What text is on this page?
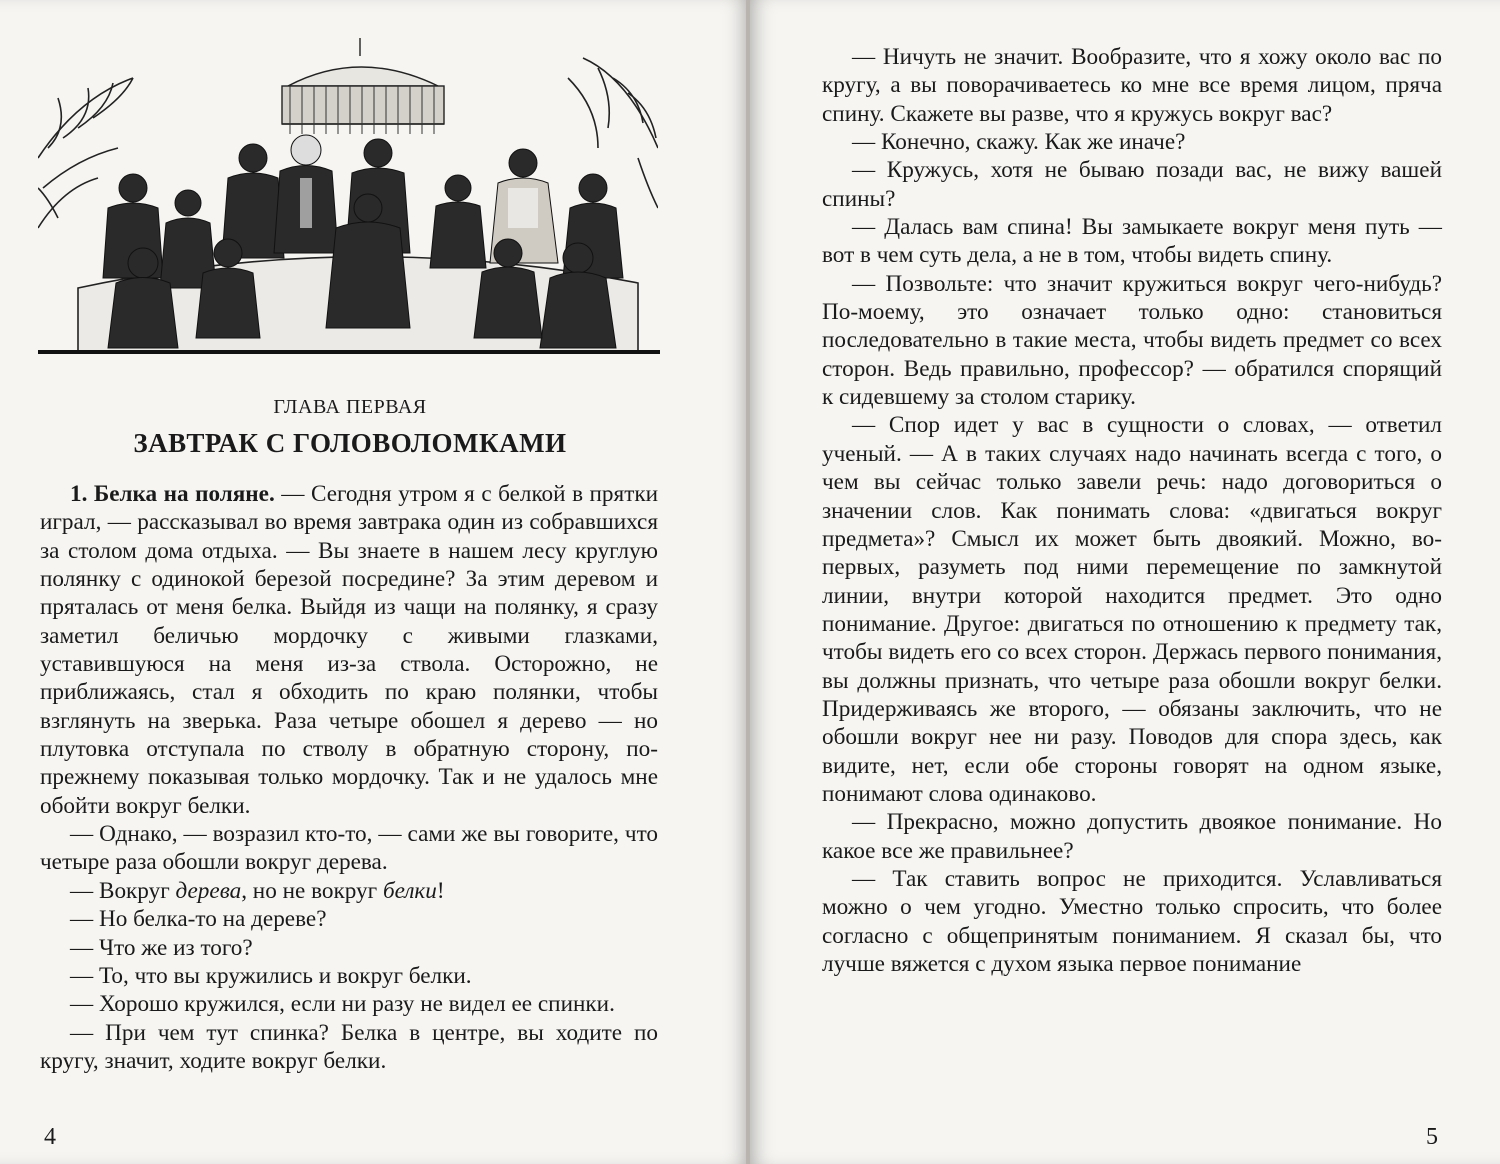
ГЛАВА ПЕРВАЯ
ЗАВТРАК С ГОЛОВОЛОМКАМИ

1. Белка на поляне. — Сегодня утром я с белкой в прятки играл, — рассказывал во время завтрака один из собравшихся за столом дома отдыха. — Вы знаете в нашем лесу круглую полянку с одинокой березой посредине? За этим деревом и пряталась от меня белка. Выйдя из чащи на полянку, я сразу заметил беличью мордочку с живыми глазками, уставившуюся на меня из-за ствола. Осторожно, не приближаясь, стал я обходить по краю полянки, чтобы взглянуть на зверька. Раза четыре обошел я дерево — но плутовка отступала по стволу в обратную сторону, по-прежнему показывая только мордочку. Так и не удалось мне обойти вокруг белки.

— Однако, — возразил кто-то, — сами же вы говорите, что четыре раза обошли вокруг дерева.

— Вокруг дерева, но не вокруг белки!

— Но белка-то на дереве?

— Что же из того?

— То, что вы кружились и вокруг белки.

— Хорошо кружился, если ни разу не видел ее спинки.

— При чем тут спинка? Белка в центре, вы ходите по кругу, значит, ходите вокруг белки.

4

— Ничуть не значит. Вообразите, что я хожу около вас по кругу, а вы поворачиваетесь ко мне все время лицом, пряча спину. Скажете вы разве, что я кружусь вокруг вас?

— Конечно, скажу. Как же иначе?

— Кружусь, хотя не бываю позади вас, не вижу вашей спины?

— Далась вам спина! Вы замыкаете вокруг меня путь — вот в чем суть дела, а не в том, чтобы видеть спину.

— Позвольте: что значит кружиться вокруг чего-нибудь? По-моему, это означает только одно: становиться последовательно в такие места, чтобы видеть предмет со всех сторон. Ведь правильно, профессор? — обратился спорящий к сидевшему за столом старику.

— Спор идет у вас в сущности о словах, — ответил ученый. — А в таких случаях надо начинать всегда с того, о чем вы сейчас только завели речь: надо договориться о значении слов. Как понимать слова: «двигаться вокруг предмета»? Смысл их может быть двоякий. Можно, во-первых, разуметь под ними перемещение по замкнутой линии, внутри которой находится предмет. Это одно понимание. Другое: двигаться по отношению к предмету так, чтобы видеть его со всех сторон. Держась первого понимания, вы должны признать, что четыре раза обошли вокруг белки. Придерживаясь же второго, — обязаны заключить, что не обошли вокруг нее ни разу. Поводов для спора здесь, как видите, нет, если обе стороны говорят на одном языке, понимают слова одинаково.

— Прекрасно, можно допустить двоякое понимание. Но какое все же правильнее?

— Так ставить вопрос не приходится. Уславливаться можно о чем угодно. Уместно только спросить, что более согласно с общепринятым пониманием. Я сказал бы, что лучше вяжется с духом языка первое понимание

5
